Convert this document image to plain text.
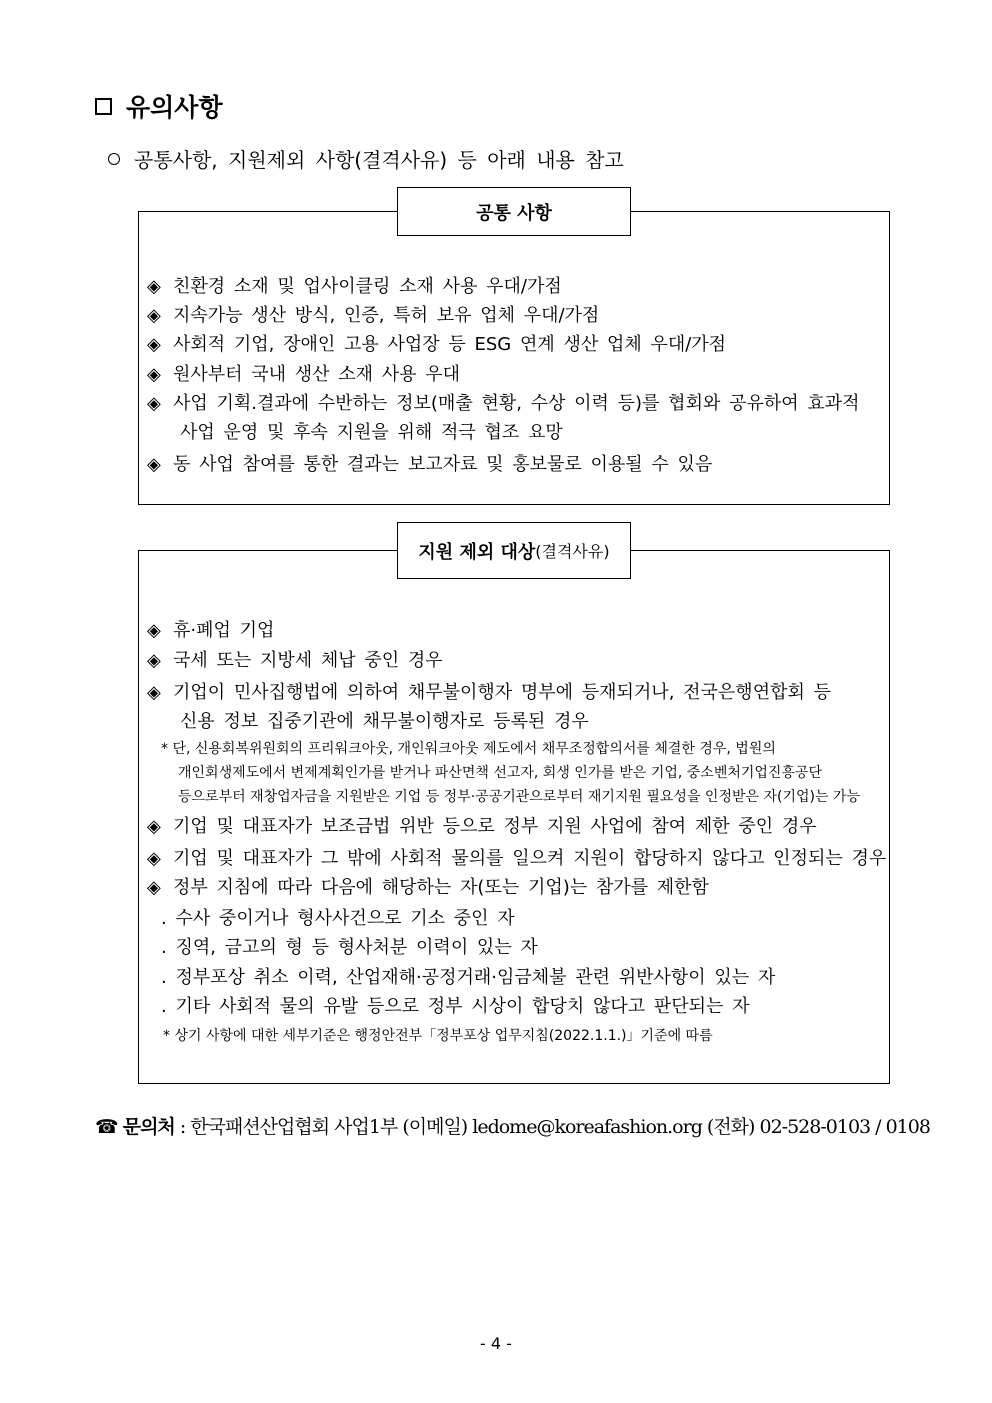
유의사항
공통사항, 지원제외 사항(결격사유) 등 아래 내용 참고
공통 사항
◈ 친환경 소재 및 업사이클링 소재 사용 우대/가점
◈ 지속가능 생산 방식, 인증, 특허 보유 업체 우대/가점
◈ 사회적 기업, 장애인 고용 사업장 등 ESG 연계 생산 업체 우대/가점
◈ 원사부터 국내 생산 소재 사용 우대
◈ 사업 기획.결과에 수반하는 정보(매출 현황, 수상 이력 등)를 협회와 공유하여 효과적
사업 운영 및 후속 지원을 위해 적극 협조 요망
◈ 동 사업 참여를 통한 결과는 보고자료 및 홍보물로 이용될 수 있음
지원 제외 대상 (결격사유)
◈ 휴·폐업 기업
◈ 국세 또는 지방세 체납 중인 경우
◈ 기업이 민사집행법에 의하여 채무불이행자 명부에 등재되거나, 전국은행연합회 등
신용 정보 집중기관에 채무불이행자로 등록된 경우
* 단, 신용회복위원회의 프리워크아웃, 개인워크아웃 제도에서 채무조정합의서를 체결한 경우, 법원의
개인회생제도에서 변제계획인가를 받거나 파산면책 선고자, 회생 인가를 받은 기업, 중소벤처기업진흥공단
등으로부터 재창업자금을 지원받은 기업 등 정부·공공기관으로부터 재기지원 필요성을 인정받은 자(기업)는 가능
◈ 기업 및 대표자가 보조금법 위반 등으로 정부 지원 사업에 참여 제한 중인 경우
◈ 기업 및 대표자가 그 밖에 사회적 물의를 일으켜 지원이 합당하지 않다고 인정되는 경우
◈ 정부 지침에 따라 다음에 해당하는 자(또는 기업)는 참가를 제한함
. 수사 중이거나 형사사건으로 기소 중인 자
. 징역, 금고의 형 등 형사처분 이력이 있는 자
. 정부포상 취소 이력, 산업재해·공정거래·임금체불 관련 위반사항이 있는 자
. 기타 사회적 물의 유발 등으로 정부 시상이 합당치 않다고 판단되는 자
* 상기 사항에 대한 세부기준은 행정안전부「정부포상 업무지침(2022.1.1.)」기준에 따름
☎ 문의처 : 한국패션산업협회 사업1부 (이메일) ledome@koreafashion.org (전화) 02-528-0103 / 0108
- 4 -
